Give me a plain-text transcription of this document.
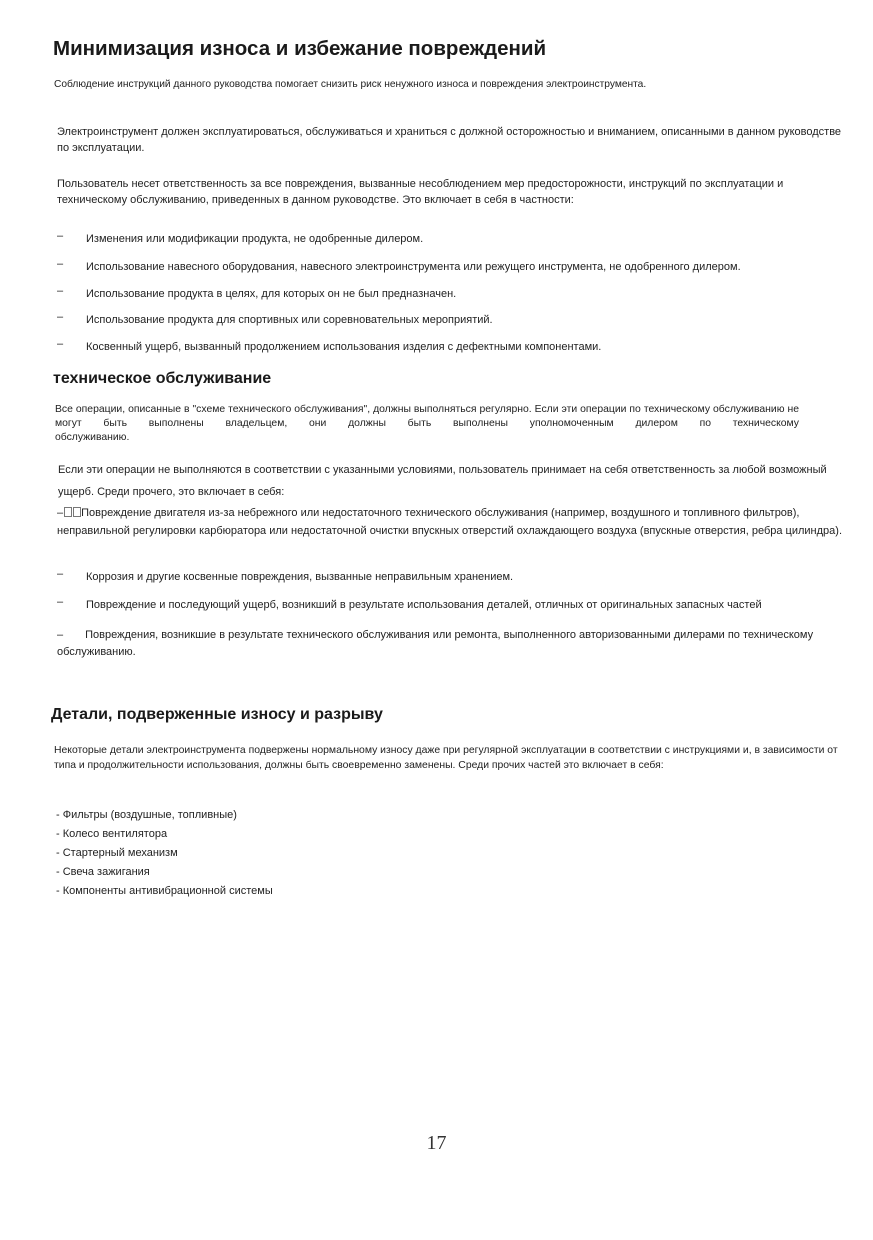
Минимизация износа и избежание повреждений

Соблюдение инструкций данного руководства помогает снизить риск ненужного износа и повреждения электроинструмента.

Электроинструмент должен эксплуатироваться, обслуживаться и храниться с должной осторожностью и вниманием, описанными в данном руководстве по эксплуатации.

Пользователь несет ответственность за все повреждения, вызванные несоблюдением мер предосторожности, инструкций по эксплуатации и техническому обслуживанию, приведенных в данном руководстве. Это включает в себя в частности:

– Изменения или модификации продукта, не одобренные дилером.
– Использование навесного оборудования, навесного электроинструмента или режущего инструмента, не одобренного дилером.
– Использование продукта в целях, для которых он не был предназначен.
– Использование продукта для спортивных или соревновательных мероприятий.
– Косвенный ущерб, вызванный продолжением использования изделия с дефектными компонентами.
техническое обслуживание

Все операции, описанные в "схеме технического обслуживания", должны выполняться регулярно. Если эти операции по техническому обслуживанию не могут быть выполнены владельцем, они должны быть выполнены уполномоченным дилером по техническому

обслуживанию.

Если эти операции не выполняются в соответствии с указанными условиями, пользователь принимает на себя ответственность за любой возможный ущерб. Среди прочего, это включает в себя:

– Повреждение двигателя из-за небрежного или недостаточного технического обслуживания (например, воздушного и топливного фильтров), неправильной регулировки карбюратора или недостаточной очистки впускных отверстий охлаждающего воздуха (впускные отверстия, ребра цилиндра).

– Коррозия и другие косвенные повреждения, вызванные неправильным хранением.
– Повреждение и последующий ущерб, возникший в результате использования деталей, отличных от оригинальных запасных частей

– Повреждения, возникшие в результате технического обслуживания или ремонта, выполненного авторизованными дилерами по техническому обслуживанию.

Детали, подверженные износу и разрыву

Некоторые детали электроинструмента подвержены нормальному износу даже при регулярной эксплуатации в соответствии с инструкциями и, в зависимости от типа и продолжительности использования, должны быть своевременно заменены. Среди прочих частей это включает в себя:

- Фильтры (воздушные, топливные)
- Колесо вентилятора
- Стартерный механизм
- Свеча зажигания
- Компоненты антивибрационной системы
17
